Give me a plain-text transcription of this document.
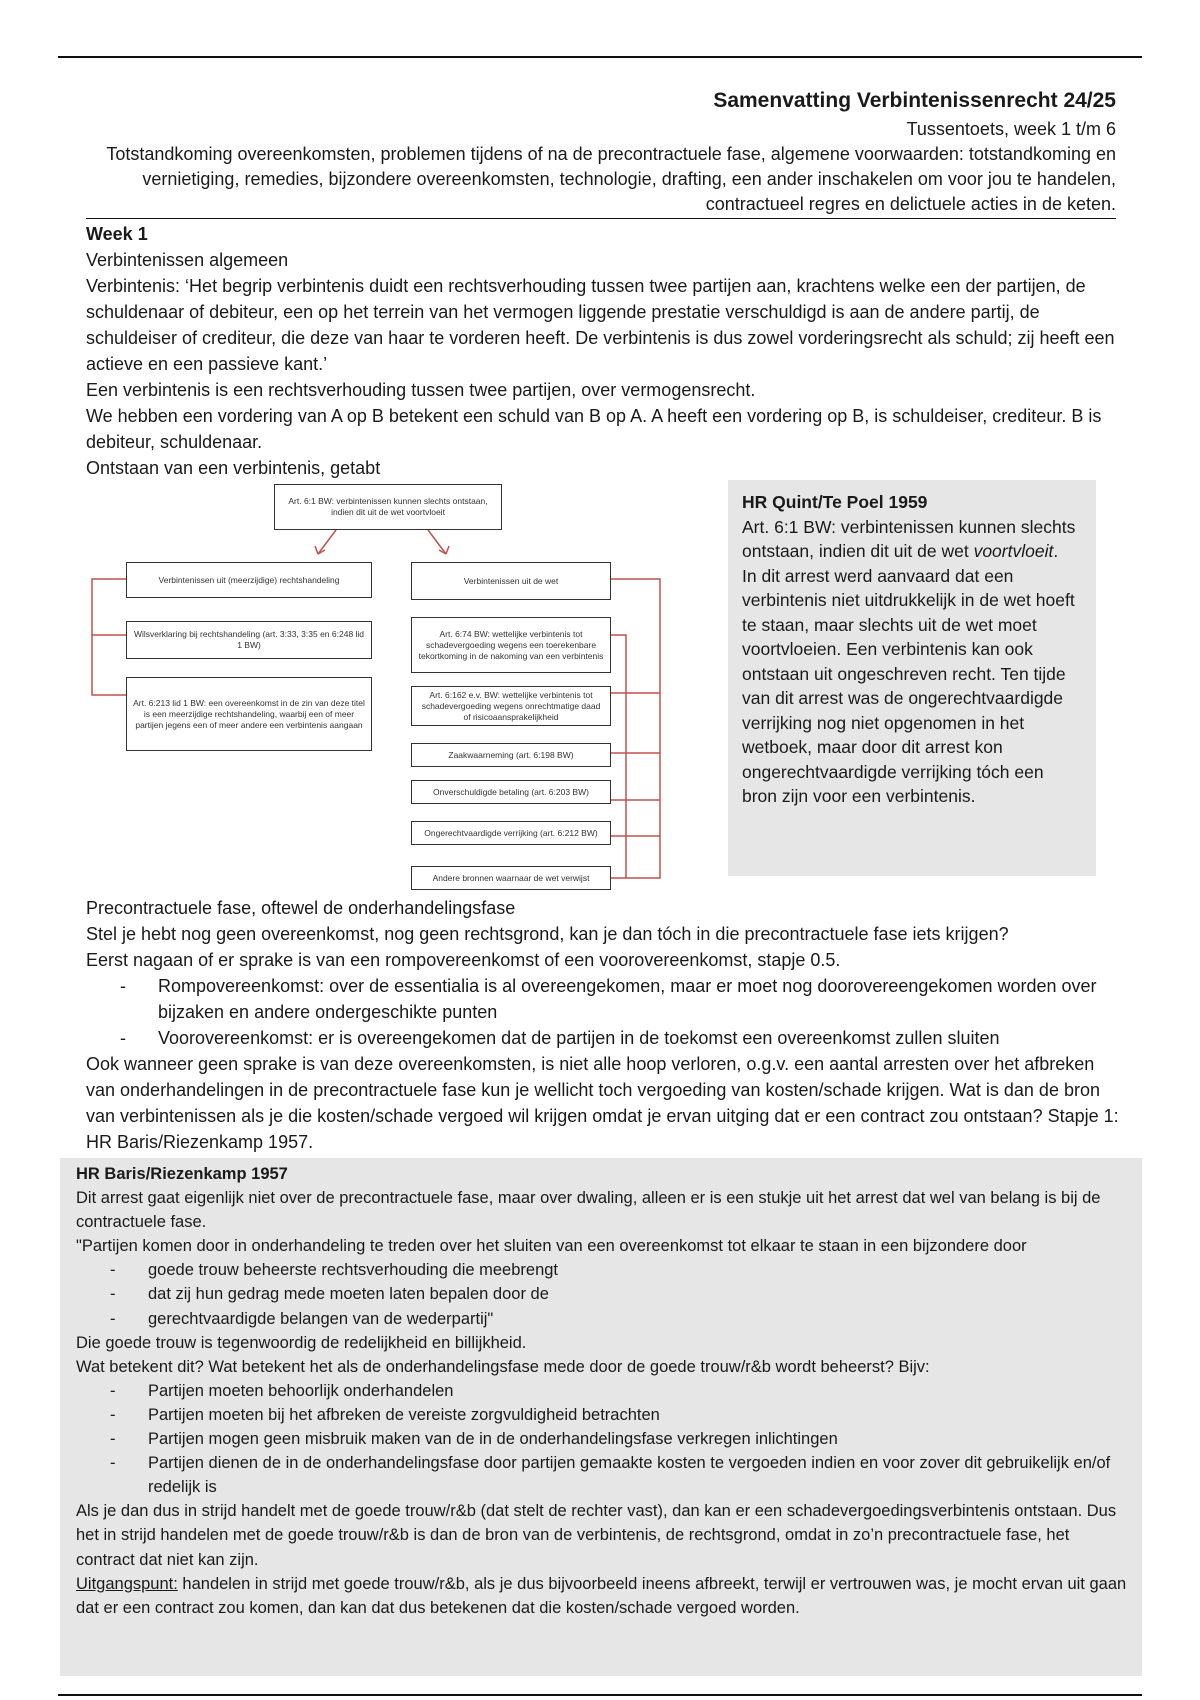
Samenvatting Verbintenissenrecht 24/25
Tussentoets, week 1 t/m 6
Totstandkoming overeenkomsten, problemen tijdens of na de precontractuele fase, algemene voorwaarden: totstandkoming en vernietiging, remedies, bijzondere overeenkomsten, technologie, drafting, een ander inschakelen om voor jou te handelen, contractueel regres en delictuele acties in de keten.

Week 1

Verbintenissen algemeen

Verbintenis: ‘Het begrip verbintenis duidt een rechtsverhouding tussen twee partijen aan, krachtens welke een der partijen, de schuldenaar of debiteur, een op het terrein van het vermogen liggende prestatie verschuldigd is aan de andere partij, de schuldeiser of crediteur, die deze van haar te vorderen heeft. De verbintenis is dus zowel vorderingsrecht als schuld; zij heeft een actieve en een passieve kant.’

Een verbintenis is een rechtsverhouding tussen twee partijen, over vermogensrecht.

We hebben een vordering van A op B betekent een schuld van B op A. A heeft een vordering op B, is schuldeiser, crediteur. B is debiteur, schuldenaar.

Ontstaan van een verbintenis, getabt

Art. 6:1 BW: verbintenissen kunnen slechts ontstaan, indien dit uit de wet voortvloeit
Verbintenissen uit (meerzijdige) rechtshandeling	Verbintenissen uit de wet
Wilsverklaring bij rechtshandeling (art. 3:33, 3:35 en 6:248 lid 1 BW)
Art. 6:213 lid 1 BW: een overeenkomst in de zin van deze titel is een meerzijdige rechtshandeling, waarbij een of meer partijen jegens een of meer andere een verbintenis aangaan
Art. 6:74 BW: wettelijke verbintenis tot schadevergoeding wegens een toerekenbare tekortkoming in de nakoming van een verbintenis
Art. 6:162 e.v. BW: wettelijke verbintenis tot schadevergoeding wegens onrechtmatige daad of risicoaansprakelijkheid
Zaakwaarneming (art. 6:198 BW)
Onverschuldigde betaling (art. 6:203 BW)
Ongerechtvaardigde verrijking (art. 6:212 BW)
Andere bronnen waarnaar de wet verwijst
HR Quint/Te Poel 1959
Art. 6:1 BW: verbintenissen kunnen slechts ontstaan, indien dit uit de wet voortvloeit.
In dit arrest werd aanvaard dat een verbintenis niet uitdrukkelijk in de wet hoeft te staan, maar slechts uit de wet moet voortvloeien. Een verbintenis kan ook ontstaan uit ongeschreven recht. Ten tijde van dit arrest was de ongerechtvaardigde verrijking nog niet opgenomen in het wetboek, maar door dit arrest kon ongerechtvaardigde verrijking tóch een bron zijn voor een verbintenis.

Precontractuele fase, oftewel de onderhandelingsfase

Stel je hebt nog geen overeenkomst, nog geen rechtsgrond, kan je dan tóch in die precontractuele fase iets krijgen?

Eerst nagaan of er sprake is van een rompovereenkomst of een voorovereenkomst, stapje 0.5.

- Rompovereenkomst: over de essentialia is al overeengekomen, maar er moet nog doorovereengekomen worden over bijzaken en andere ondergeschikte punten
- Voorovereenkomst: er is overeengekomen dat de partijen in de toekomst een overeenkomst zullen sluiten

Ook wanneer geen sprake is van deze overeenkomsten, is niet alle hoop verloren, o.g.v. een aantal arresten over het afbreken van onderhandelingen in de precontractuele fase kun je wellicht toch vergoeding van kosten/schade krijgen. Wat is dan de bron van verbintenissen als je die kosten/schade vergoed wil krijgen omdat je ervan uitging dat er een contract zou ontstaan? Stapje 1: HR Baris/Riezenkamp 1957.

HR Baris/Riezenkamp 1957

Dit arrest gaat eigenlijk niet over de precontractuele fase, maar over dwaling, alleen er is een stukje uit het arrest dat wel van belang is bij de contractuele fase.

"Partijen komen door in onderhandeling te treden over het sluiten van een overeenkomst tot elkaar te staan in een bijzondere door

- goede trouw beheerste rechtsverhouding die meebrengt
- dat zij hun gedrag mede moeten laten bepalen door de
- gerechtvaardigde belangen van de wederpartij"

Die goede trouw is tegenwoordig de redelijkheid en billijkheid.

Wat betekent dit? Wat betekent het als de onderhandelingsfase mede door de goede trouw/r&b wordt beheerst? Bijv:

- Partijen moeten behoorlijk onderhandelen
- Partijen moeten bij het afbreken de vereiste zorgvuldigheid betrachten
- Partijen mogen geen misbruik maken van de in de onderhandelingsfase verkregen inlichtingen
- Partijen dienen de in de onderhandelingsfase door partijen gemaakte kosten te vergoeden indien en voor zover dit gebruikelijk en/of redelijk is

Als je dan dus in strijd handelt met de goede trouw/r&b (dat stelt de rechter vast), dan kan er een schadevergoedingsverbintenis ontstaan. Dus het in strijd handelen met de goede trouw/r&b is dan de bron van de verbintenis, de rechtsgrond, omdat in zo’n precontractuele fase, het contract dat niet kan zijn.

Uitgangspunt: handelen in strijd met goede trouw/r&b, als je dus bijvoorbeeld ineens afbreekt, terwijl er vertrouwen was, je mocht ervan uit gaan dat er een contract zou komen, dan kan dat dus betekenen dat die kosten/schade vergoed worden.
